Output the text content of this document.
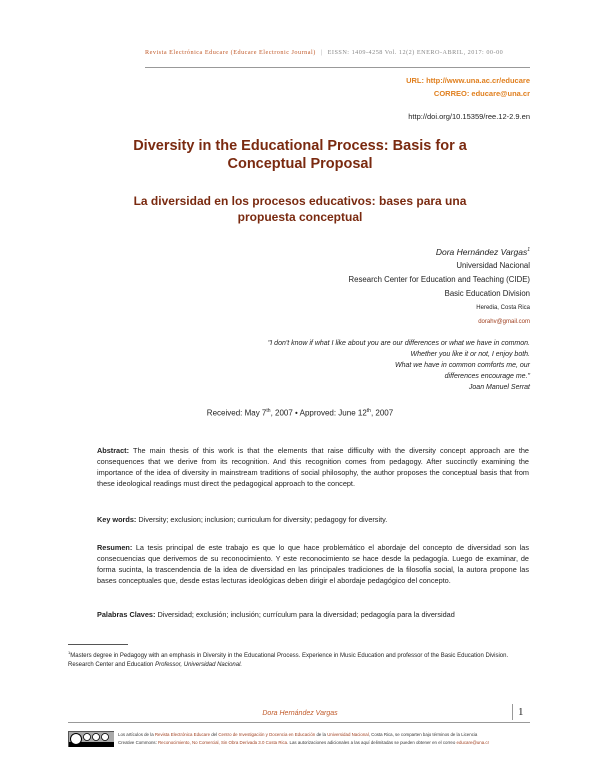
Revista Electrónica Educare (Educare Electronic Journal) | EISSN: 1409-4258 Vol. 12(2) ENERO-ABRIL, 2017: 00-00
URL: http://www.una.ac.cr/educare
CORREO: educare@una.cr
http://doi.org/10.15359/ree.12-2.9.en
Diversity in the Educational Process: Basis for a
Conceptual Proposal
La diversidad en los procesos educativos: bases para una
propuesta conceptual
Dora Hernández Vargas$^1$
Universidad Nacional
Research Center for Education and Teaching (CIDE)
Basic Education Division
Heredia, Costa Rica
dorahv@gmail.com
"I don't know if what I like about you are our differences or what we have in common.
Whether you like it or not, I enjoy both.
What we have in common comforts me, our
differences encourage me."
Joan Manuel Serrat
Received: May 7th, 2007 • Approved: June 12th, 2007
Abstract: The main thesis of this work is that the elements that raise difficulty with the diversity concept approach are the consequences that we derive from its recognition. And this recognition comes from pedagogy. After succinctly examining the importance of the idea of diversity in mainstream traditions of social philosophy, the author proposes the conceptual basis that from these ideological readings must direct the pedagogical approach to the concept.
Key words: Diversity; exclusion; inclusion; curriculum for diversity; pedagogy for diversity.
Resumen: La tesis principal de este trabajo es que lo que hace problemático el abordaje del concepto de diversidad son las consecuencias que derivemos de su reconocimiento. Y este reconocimiento se hace desde la pedagogía. Luego de examinar, de forma sucinta, la trascendencia de la idea de diversidad en las principales tradiciones de la filosofía social, la autora propone las bases conceptuales que, desde estas lecturas ideológicas deben dirigir el abordaje pedagógico del concepto.
Palabras Claves: Diversidad; exclusión; inclusión; currículum para la diversidad; pedagogía para la diversidad
$^1$Masters degree in Pedagogy with an emphasis in Diversity in the Educational Process. Experience in Music Education and professor of the Basic Education Division. Research Center and Education Professor, Universidad Nacional.
Dora Hernández Vargas	1
Los artículos de la Revista Electrónica Educare del Centro de Investigación y Docencia en Educación de la Universidad Nacional, Costa Rica, se comparten bajo términos de la Licencia
Creative Commons: Reconocimiento, No Comercial, Sin Obra Derivada 3.0 Costa Rica. Las autorizaciones adicionales a las aquí delimitadas se pueden obtener en el correo educare@una.cr
